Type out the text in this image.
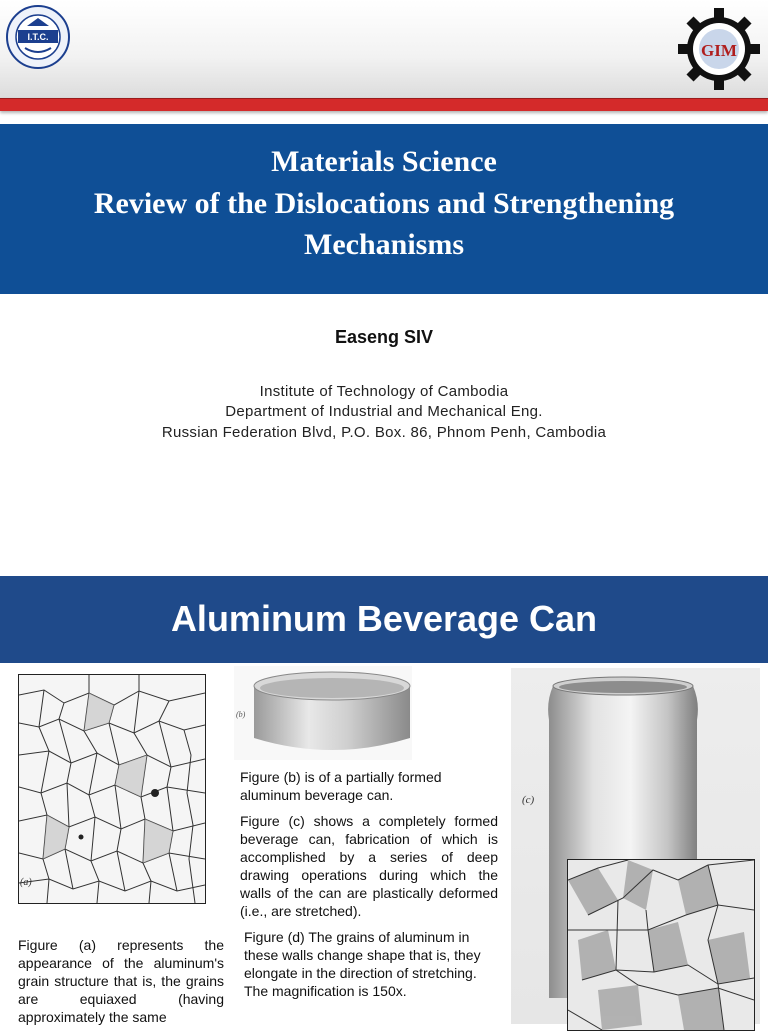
I.T.C.
GIM
Materials Science
Review of the Dislocations and Strengthening
Mechanisms
Easeng SIV
Institute of Technology of Cambodia
Department of Industrial and Mechanical Eng.
Russian Federation Blvd, P.O. Box. 86, Phnom Penh, Cambodia
Aluminum Beverage Can
(a)
(b)
Figure (b) is of a partially formed aluminum beverage can.
Figure (c) shows a completely formed beverage can, fabrication of which is accomplished by a series of deep drawing operations during which the walls of the can are plastically deformed (i.e., are stretched).
Figure (d) The grains of aluminum in these walls change shape that is, they elongate in the direction of stretching. The magnification is 150x.
Figure (a) represents the appearance of the aluminum's grain structure that is, the grains are equiaxed (having approximately the same
(c)
